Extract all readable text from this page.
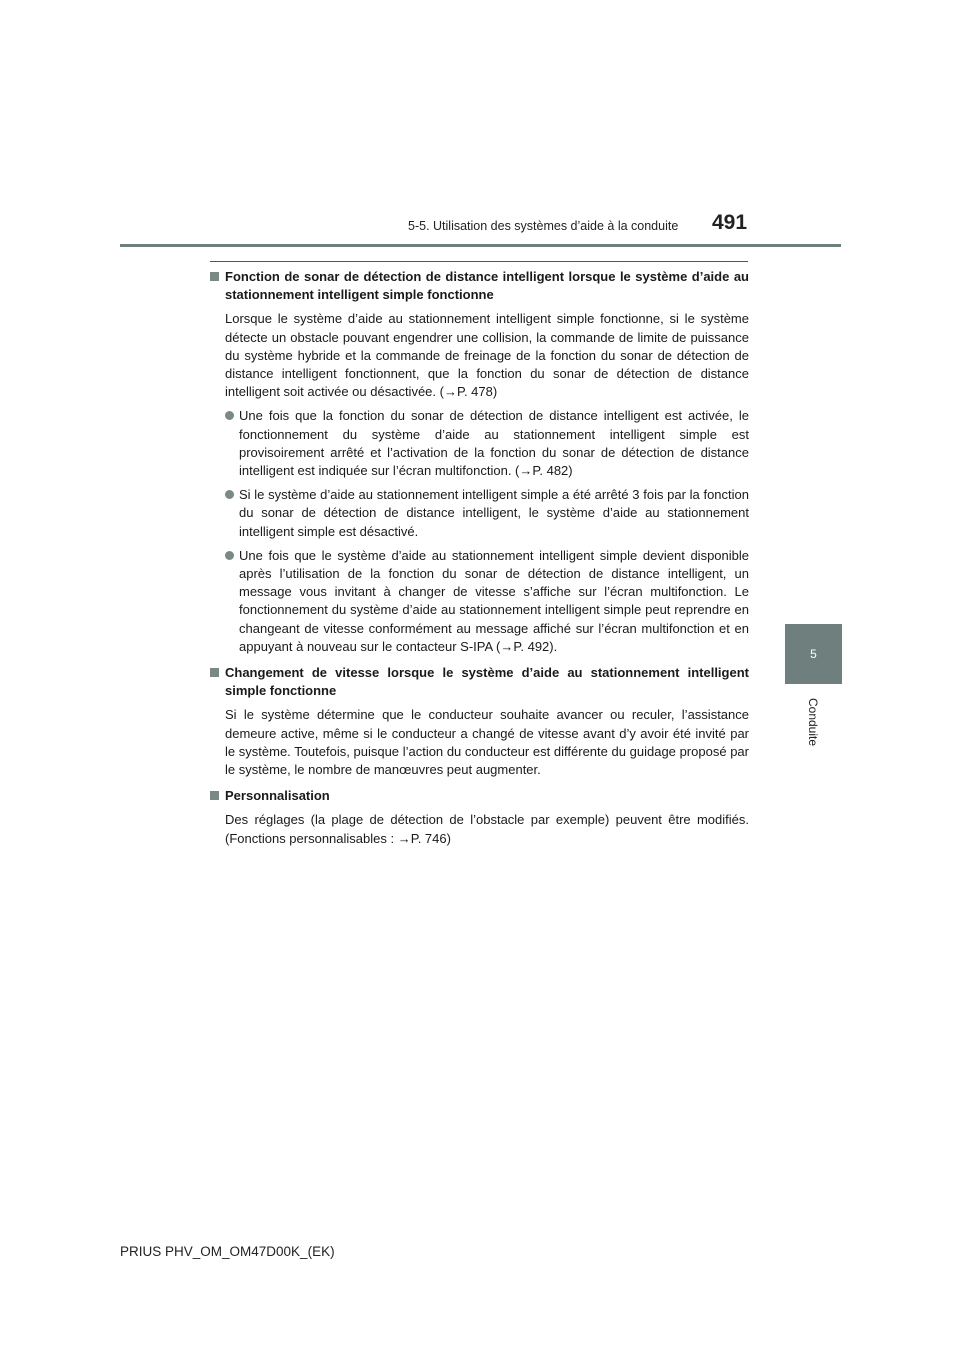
5-5. Utilisation des systèmes d’aide à la conduite	491
5
Conduite
Fonction de sonar de détection de distance intelligent lorsque le système d’aide au stationnement intelligent simple fonctionne

Lorsque le système d’aide au stationnement intelligent simple fonctionne, si le système détecte un obstacle pouvant engendrer une collision, la commande de limite de puissance du système hybride et la commande de freinage de la fonction du sonar de détection de distance intelligent fonctionnent, que la fonction du sonar de détection de distance intelligent soit activée ou désactivée. (→P. 478)

Une fois que la fonction du sonar de détection de distance intelligent est activée, le fonctionnement du système d’aide au stationnement intelligent simple est provisoirement arrêté et l’activation de la fonction du sonar de détection de distance intelligent est indiquée sur l’écran multifonction. (→P. 482)
Si le système d’aide au stationnement intelligent simple a été arrêté 3 fois par la fonction du sonar de détection de distance intelligent, le système d’aide au stationnement intelligent simple est désactivé.
Une fois que le système d’aide au stationnement intelligent simple devient disponible après l’utilisation de la fonction du sonar de détection de distance intelligent, un message vous invitant à changer de vitesse s’affiche sur l’écran multifonction. Le fonctionnement du système d’aide au stationnement intelligent simple peut reprendre en changeant de vitesse conformément au message affiché sur l’écran multifonction et en appuyant à nouveau sur le contacteur S-IPA (→P. 492).
Changement de vitesse lorsque le système d’aide au stationnement intelligent simple fonctionne

Si le système détermine que le conducteur souhaite avancer ou reculer, l’assistance demeure active, même si le conducteur a changé de vitesse avant d’y avoir été invité par le système. Toutefois, puisque l’action du conducteur est différente du guidage proposé par le système, le nombre de manœuvres peut augmenter.

Personnalisation

Des réglages (la plage de détection de l’obstacle par exemple) peuvent être modifiés. (Fonctions personnalisables : →P. 746)

PRIUS PHV_OM_OM47D00K_(EK)
